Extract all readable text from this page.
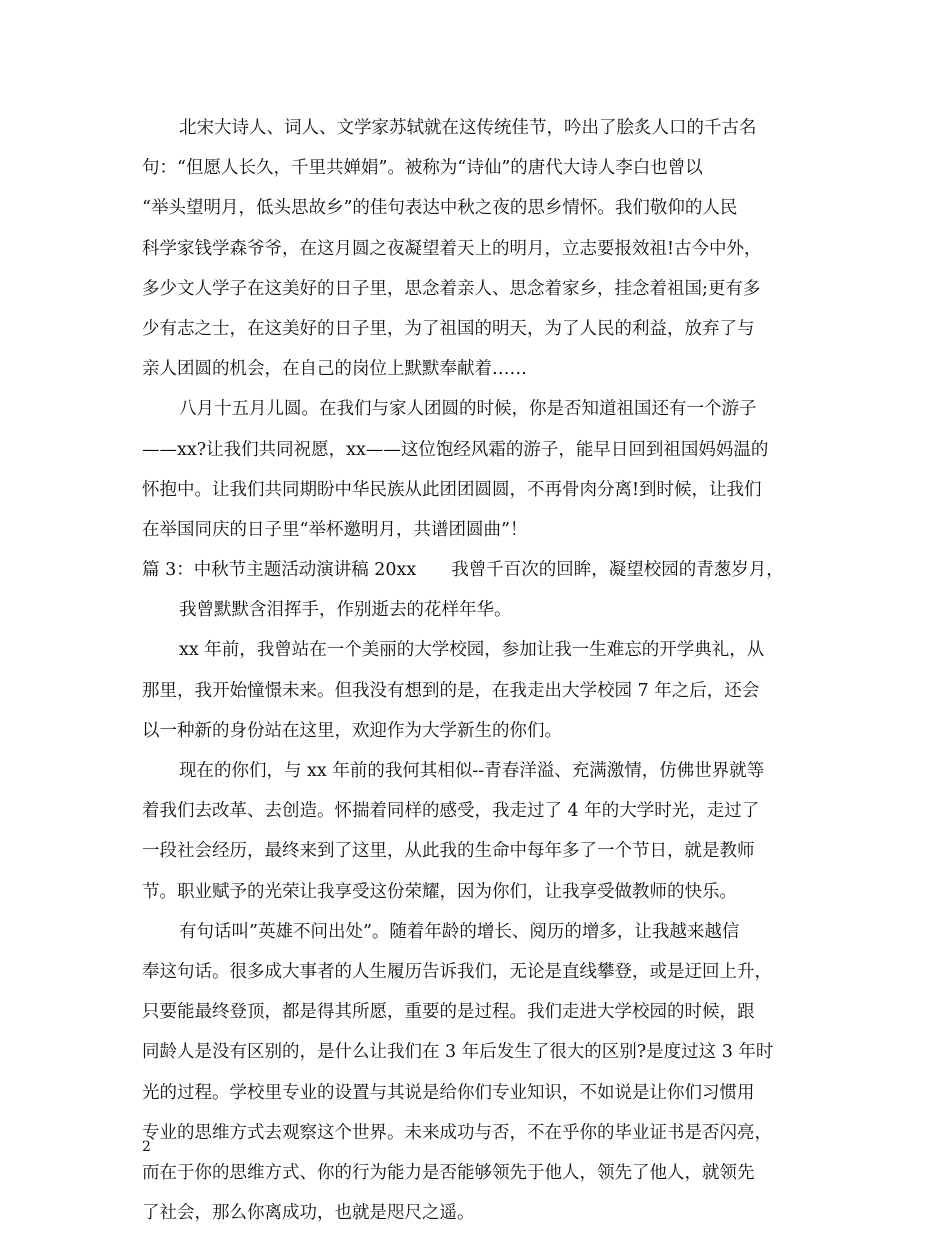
北宋大诗人、词人、文学家苏轼就在这传统佳节，吟出了脍炙人口的千古名
句：“但愿人长久，千里共婵娟”。被称为“诗仙”的唐代大诗人李白也曾以
“举头望明月，低头思故乡”的佳句表达中秋之夜的思乡情怀。我们敬仰的人民
科学家钱学森爷爷，在这月圆之夜凝望着天上的明月，立志要报效祖!古今中外，
多少文人学子在这美好的日子里，思念着亲人、思念着家乡，挂念着祖国;更有多
少有志之士，在这美好的日子里，为了祖国的明天，为了人民的利益，放弃了与
亲人团圆的机会，在自己的岗位上默默奉献着……
八月十五月儿圆。在我们与家人团圆的时候，你是否知道祖国还有一个游子
——xx?让我们共同祝愿，xx——这位饱经风霜的游子，能早日回到祖国妈妈温的
怀抱中。让我们共同期盼中华民族从此团团圆圆，不再骨肉分离!到时候，让我们
在举国同庆的日子里“举杯邀明月，共谱团圆曲”！
篇 3：中秋节主题活动演讲稿 20xx　　我曾千百次的回眸，凝望校园的青葱岁月，
我曾默默含泪挥手，作别逝去的花样年华。
xx 年前，我曾站在一个美丽的大学校园，参加让我一生难忘的开学典礼，从
那里，我开始憧憬未来。但我没有想到的是，在我走出大学校园 7 年之后，还会
以一种新的身份站在这里，欢迎作为大学新生的你们。
现在的你们，与 xx 年前的我何其相似--青春洋溢、充满激情，仿佛世界就等
着我们去改革、去创造。怀揣着同样的感受，我走过了 4 年的大学时光，走过了
一段社会经历，最终来到了这里，从此我的生命中每年多了一个节日，就是教师
节。职业赋予的光荣让我享受这份荣耀，因为你们，让我享受做教师的快乐。
有句话叫”英雄不问出处”。随着年龄的增长、阅历的增多，让我越来越信
奉这句话。很多成大事者的人生履历告诉我们，无论是直线攀登，或是迂回上升，
只要能最终登顶，都是得其所愿，重要的是过程。我们走进大学校园的时候，跟
同龄人是没有区别的，是什么让我们在 3 年后发生了很大的区别?是度过这 3 年时
光的过程。学校里专业的设置与其说是给你们专业知识，不如说是让你们习惯用
专业的思维方式去观察这个世界。未来成功与否，不在乎你的毕业证书是否闪亮，
而在于你的思维方式、你的行为能力是否能够领先于他人，领先了他人，就领先
了社会，那么你离成功，也就是咫尺之遥。
2
